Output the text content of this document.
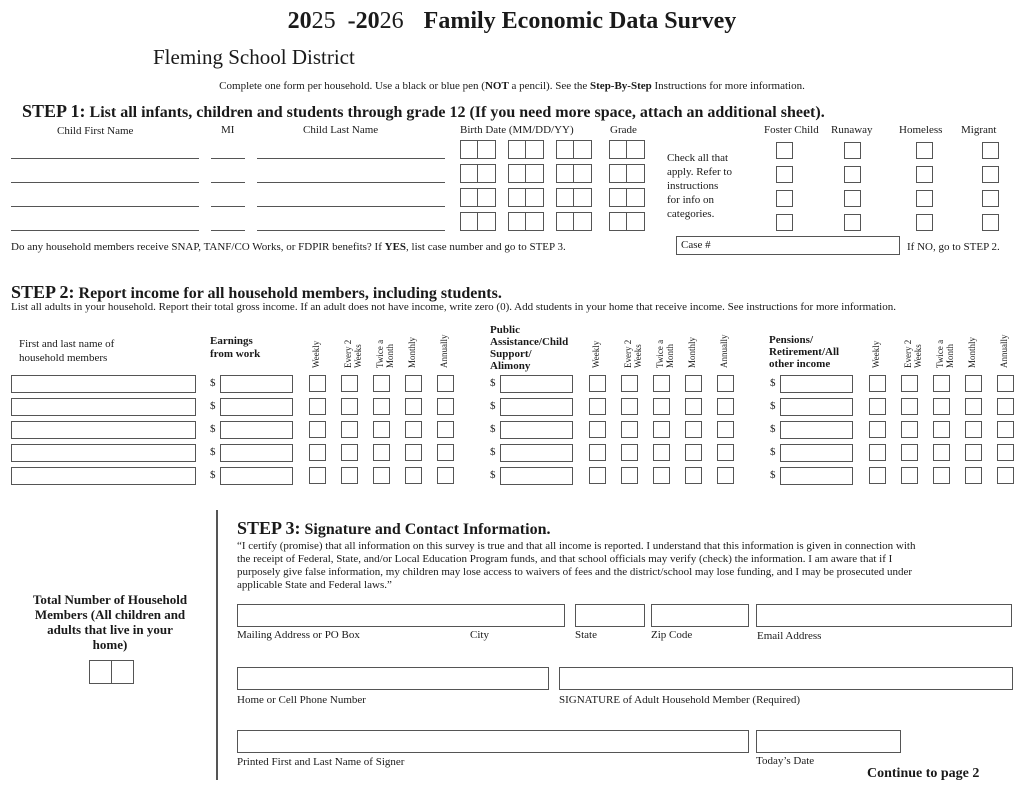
2025 -2026 Family Economic Data Survey
Fleming School District
Complete one form per household. Use a black or blue pen (NOT a pencil). See the Step-By-Step Instructions for more information.
STEP 1: List all infants, children and students through grade 12 (If you need more space, attach an additional sheet).
Child First Name	MI	Child Last Name	Birth Date (MM/DD/YY)	Grade	Foster Child Runaway Homeless Migrant
Check all that
apply. Refer to
instructions
for info on
categories.
Do any household members receive SNAP, TANF/CO Works, or FDPIR benefits? If YES, list case number and go to STEP 3.	Case #	If NO, go to STEP 2.
STEP 2: Report income for all household members, including students.
List all adults in your household. Report their total gross income. If an adult does not have income, write zero (0). Add students in your home that receive income. See instructions for more information.
First and last name of
household members
Earnings
from work
Public
Assistance/Child
Support/
Alimony
Pensions/
Retirement/All
other income
Weekly Every 2 Weeks Twice a Month Monthly Annually	Weekly Every 2 Weeks Twice a Month Monthly Annually	Weekly Every 2 Weeks Twice a Month Monthly Annually
$	$	$
$	$	$
$	$	$
$	$	$
$	$	$
Total Number of Household
Members (All children and
adults that live in your
home)
STEP 3: Signature and Contact Information.
“I certify (promise) that all information on this survey is true and that all income is reported. I understand that this information is given in connection with
the receipt of Federal, State, and/or Local Education Program funds, and that school officials may verify (check) the information. I am aware that if I
purposely give false information, my children may lose access to waivers of fees and the district/school may lose funding, and I may be prosecuted under
applicable State and Federal laws.”
Mailing Address or PO Box	City	State	Zip Code	Email Address
Home or Cell Phone Number	SIGNATURE of Adult Household Member (Required)
Printed First and Last Name of Signer	Today’s Date
Continue to page 2
